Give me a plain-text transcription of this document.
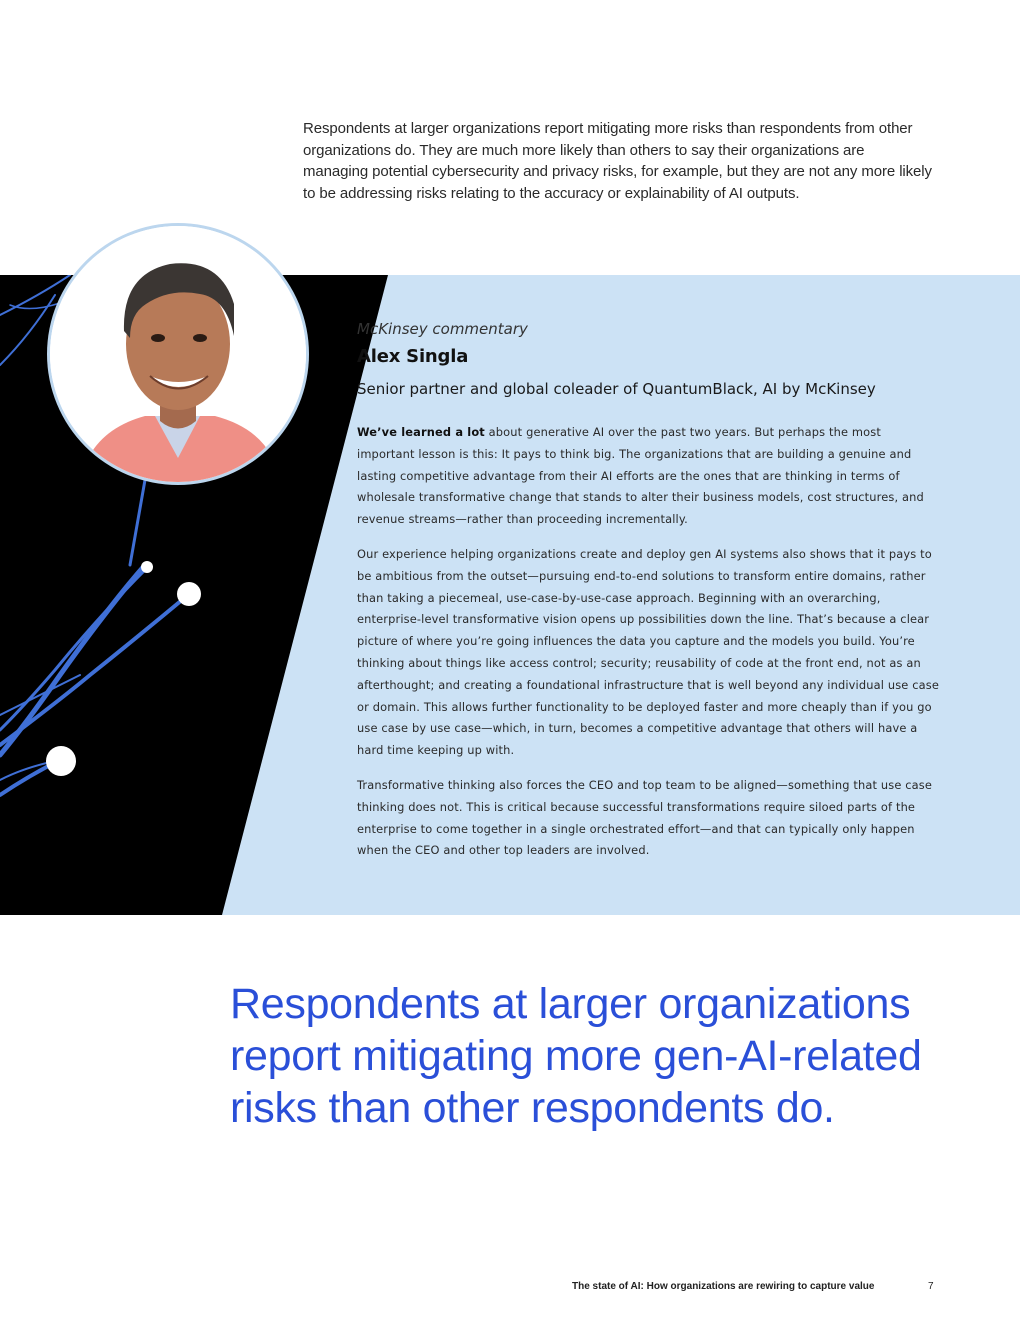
Respondents at larger organizations report mitigating more risks than respondents from other organizations do. They are much more likely than others to say their organizations are managing potential cybersecurity and privacy risks, for example, but they are not any more likely to be addressing risks relating to the accuracy or explainability of AI outputs.

McKinsey commentary

Alex Singla

Senior partner and global coleader of QuantumBlack, AI by McKinsey

We’ve learned a lot about generative AI over the past two years. But perhaps the most important lesson is this: It pays to think big. The organizations that are building a genuine and lasting competitive advantage from their AI efforts are the ones that are thinking in terms of wholesale transformative change that stands to alter their business models, cost structures, and revenue streams—rather than proceeding incrementally.

Our experience helping organizations create and deploy gen AI systems also shows that it pays to be ambitious from the outset—pursuing end-to-end solutions to transform entire domains, rather than taking a piecemeal, use-case-by-use-case approach. Beginning with an overarching, enterprise-level transformative vision opens up possibilities down the line. That’s because a clear picture of where you’re going influences the data you capture and the models you build. You’re thinking about things like access control; security; reusability of code at the front end, not as an afterthought; and creating a foundational infrastructure that is well beyond any individual use case or domain. This allows further functionality to be deployed faster and more cheaply than if you go use case by use case—which, in turn, becomes a competitive advantage that others will have a hard time keeping up with.

Transformative thinking also forces the CEO and top team to be aligned—something that use case thinking does not. This is critical because successful transformations require siloed parts of the enterprise to come together in a single orchestrated effort—and that can typically only happen when the CEO and other top leaders are involved.

Respondents at larger organizations report mitigating more gen-AI-related risks than other respondents do.

The state of AI: How organizations are rewiring to capture value	7
